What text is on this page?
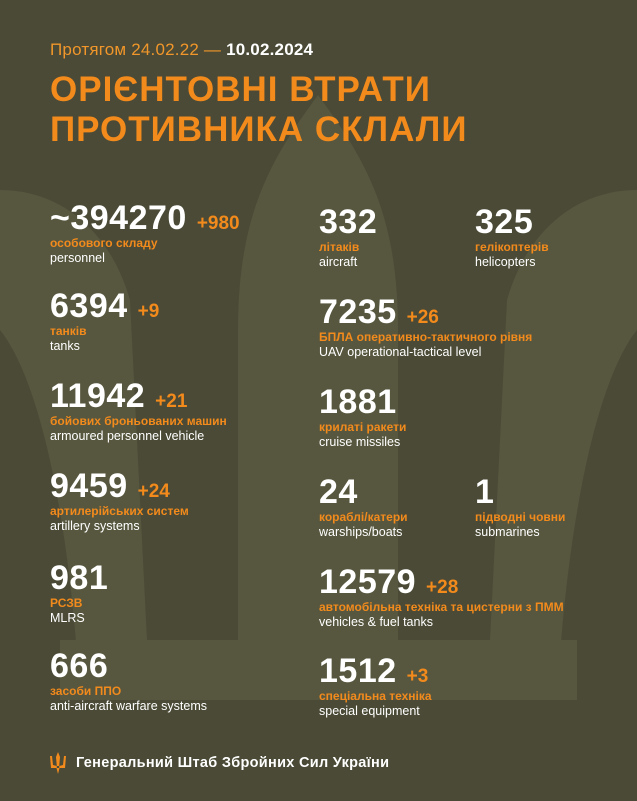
Протягом 24.02.22 — 10.02.2024
ОРІЄНТОВНІ ВТРАТИ
ПРОТИВНИКА СКЛАЛИ
~394270 +980
особового складу
personnel
6394 +9
танків
tanks
11942 +21
бойових броньованих машин
armoured personnel vehicle
9459 +24
артилерійських систем
artillery systems
981
РСЗВ
MLRS
666
засоби ППО
anti-aircraft warfare systems
332
літаків
aircraft
325
гелікоптерів
helicopters
7235 +26
БПЛА оперативно-тактичного рівня
UAV operational-tactical level
1881
крилаті ракети
cruise missiles
24
кораблі/катери
warships/boats
1
підводні човни
submarines
12579 +28
автомобільна техніка та цистерни з ПММ
vehicles & fuel tanks
1512 +3
спеціальна техніка
special equipment
Генеральний Штаб Збройних Сил України
